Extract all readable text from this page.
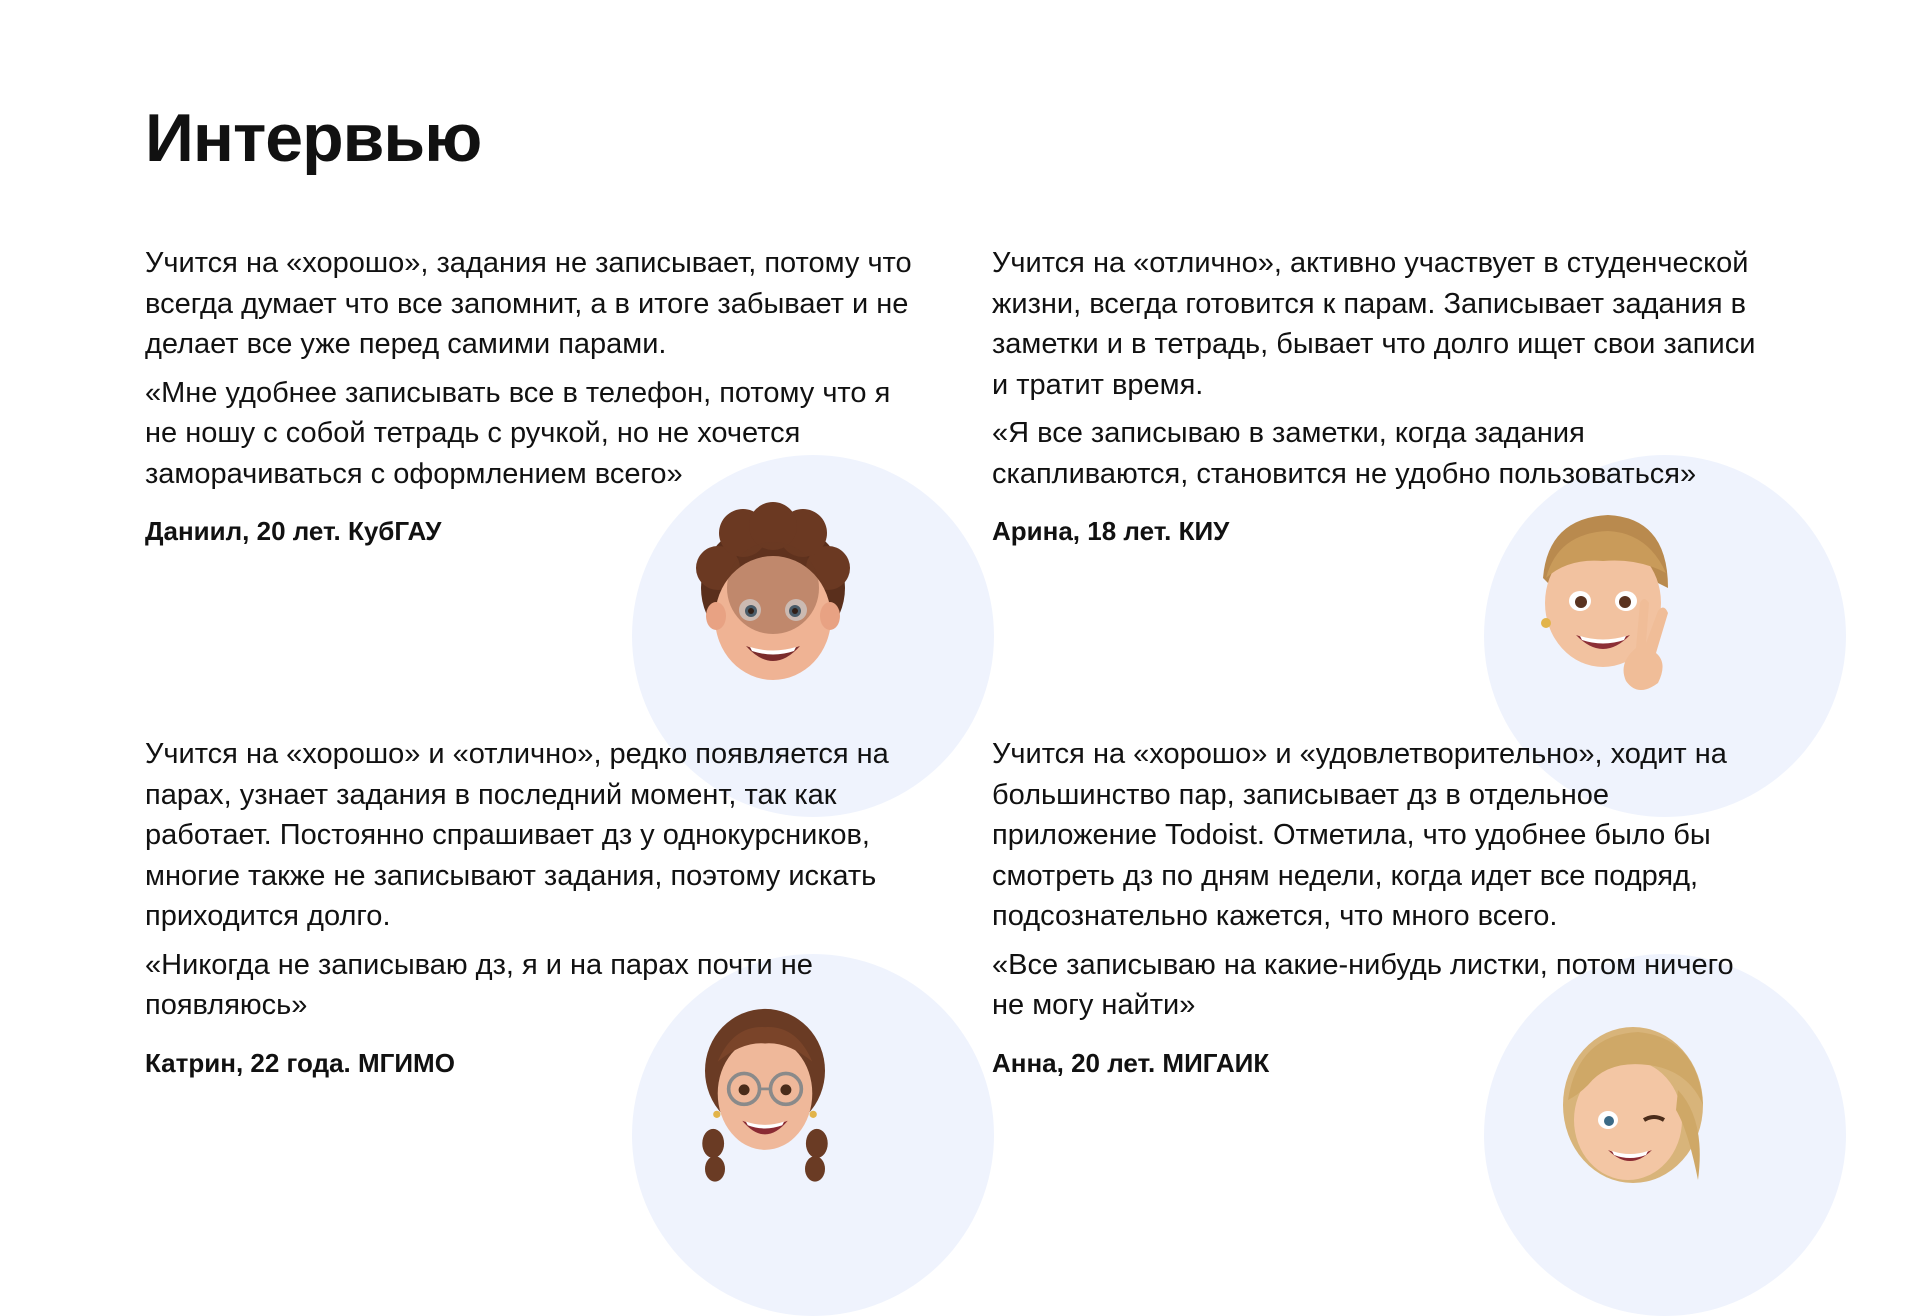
Интервью

Учится на «хорошо», задания не записывает, потому что всегда думает что все запомнит, а в итоге забывает и не делает все уже перед самими парами.

«Мне удобнее записывать все в телефон, потому что я не ношу с собой тетрадь с ручкой, но не хочется заморачиваться с оформлением всего»

Даниил, 20 лет. КубГАУ

Учится на «отлично», активно участвует в студенческой жизни, всегда готовится к парам. Записывает задания в заметки и в тетрадь, бывает что долго ищет свои записи и тратит время.

«Я все записываю в заметки, когда задания скапливаются, становится не удобно пользоваться»

Арина, 18 лет. КИУ

Учится на «хорошо» и «отлично», редко появляется на парах, узнает задания в последний момент, так как работает. Постоянно спрашивает дз у однокурсников, многие также не записывают задания, поэтому искать приходится долго.

«Никогда не записываю дз, я и на парах почти не появляюсь»

Катрин, 22 года. МГИМО

Учится на «хорошо» и «удовлетворительно», ходит на большинство пар, записывает дз в отдельное приложение Todoist. Отметила, что удобнее было бы смотреть дз по дням недели, когда идет все подряд, подсознательно кажется, что много всего.

«Все записываю на какие-нибудь листки, потом ничего не могу найти»

Анна, 20 лет. МИГАИК
